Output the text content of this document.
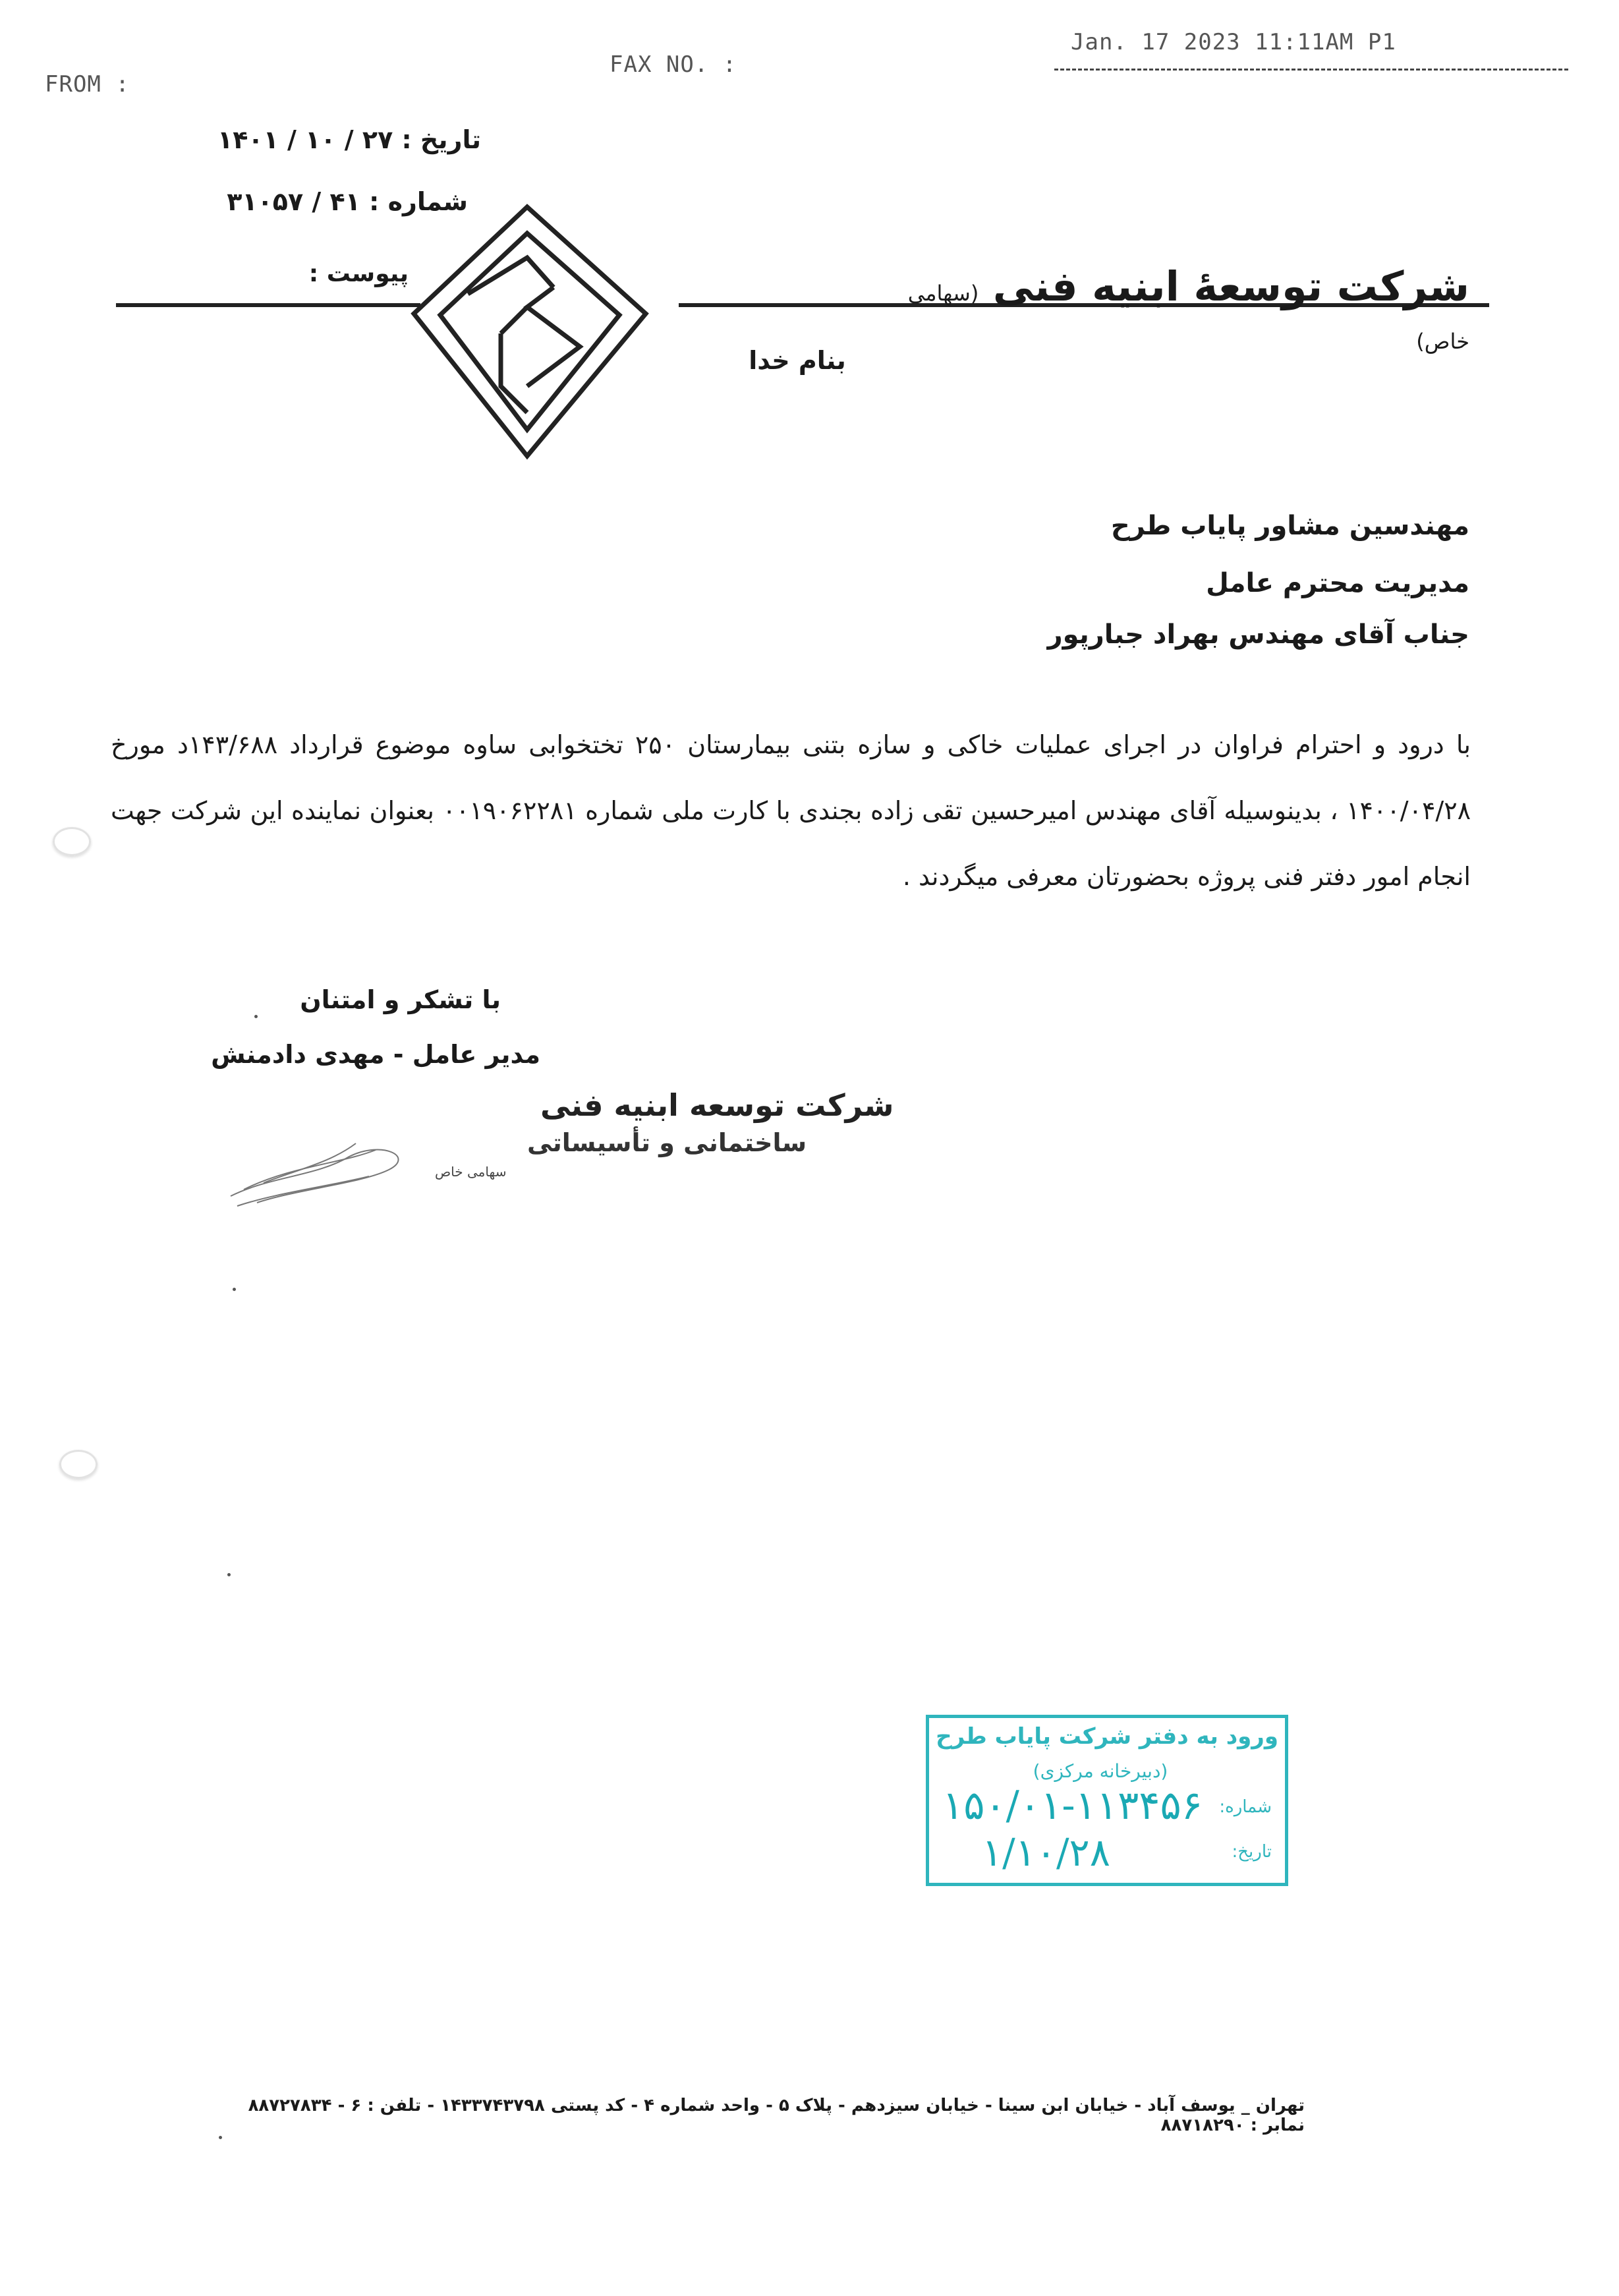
FROM :
FAX NO. :
Jan. 17 2023 11:11AM P1
تاریخ : ۲۷ / ۱۰ / ۱۴۰۱
شماره : ۴۱ / ۳۱۰۵۷
پیوست :	شرکت توسعهٔ ابنیه فنی (سهامی خاص)
بنام خدا
مهندسین مشاور پایاب طرح
مدیریت محترم عامل
جناب آقای مهندس بهراد جبارپور
با درود و احترام فراوان در اجرای عملیات خاکی و سازه بتنی بیمارستان ۲۵۰ تختخوابی ساوه موضوع قرارداد ۱۴۳/۶۸۸د مورخ ۱۴۰۰/۰۴/۲۸ ، بدینوسیله آقای مهندس امیرحسین تقی زاده بجندی با کارت ملی شماره ۰۰۱۹۰۶۲۲۸۱ بعنوان نماینده این شرکت جهت انجام امور دفتر فنی پروژه بحضورتان معرفی میگردند .
با تشکر و امتنان
مدیر عامل - مهدی دادمنش
شرکت توسعه ابنیه فنی
ساختمانی و تأسیساتی
سهامی خاص
ورود به دفتر شرکت پایاب طرح
(دبیرخانه مرکزی)
شماره:
تاریخ:
۱۵۰/۰۱-۱۱۳۴۵۶
۱/۱۰/۲۸
تهران _ یوسف آباد - خیابان ابن سینا - خیابان سیزدهم - پلاک ۵ - واحد شماره ۴ - کد پستی ۱۴۳۳۷۴۳۷۹۸ - تلفن : ۶ - ۸۸۷۲۷۸۳۴ نمابر : ۸۸۷۱۸۲۹۰
